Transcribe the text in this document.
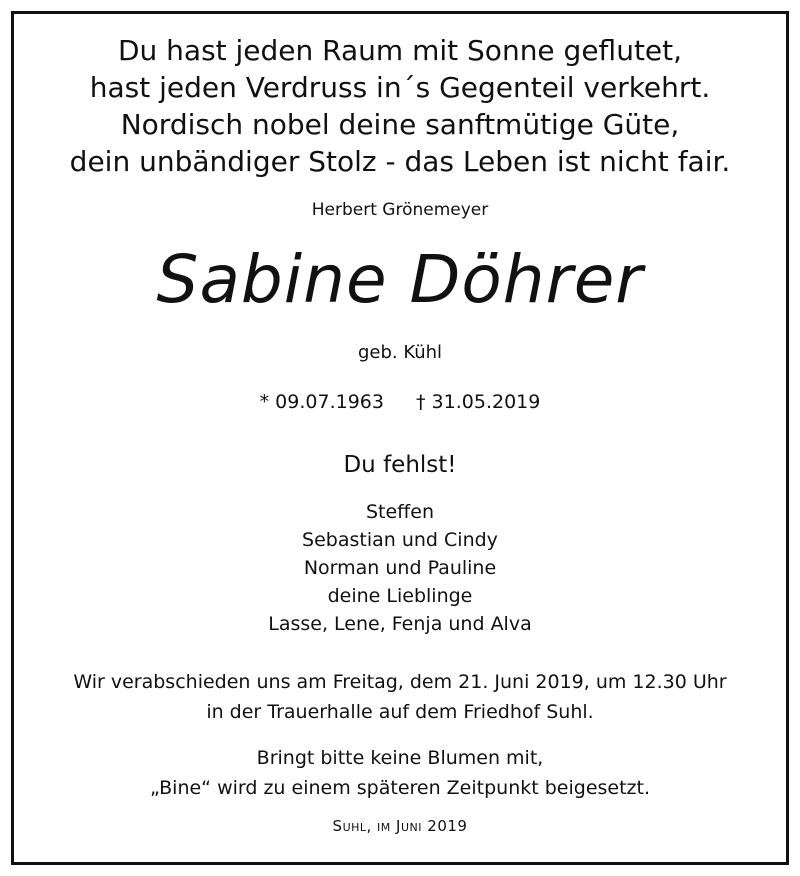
Du hast jeden Raum mit Sonne geflutet,
hast jeden Verdruss in´s Gegenteil verkehrt.
Nordisch nobel deine sanftmütige Güte,
dein unbändiger Stolz - das Leben ist nicht fair.
Herbert Grönemeyer
Sabine Döhrer
geb. Kühl
* 09.07.1963 † 31.05.2019
Du fehlst!
Steffen
Sebastian und Cindy
Norman und Pauline
deine Lieblinge
Lasse, Lene, Fenja und Alva
Wir verabschieden uns am Freitag, dem 21. Juni 2019, um 12.30 Uhr
in der Trauerhalle auf dem Friedhof Suhl.
Bringt bitte keine Blumen mit,
„Bine“ wird zu einem späteren Zeitpunkt beigesetzt.
Suhl, im Juni 2019
